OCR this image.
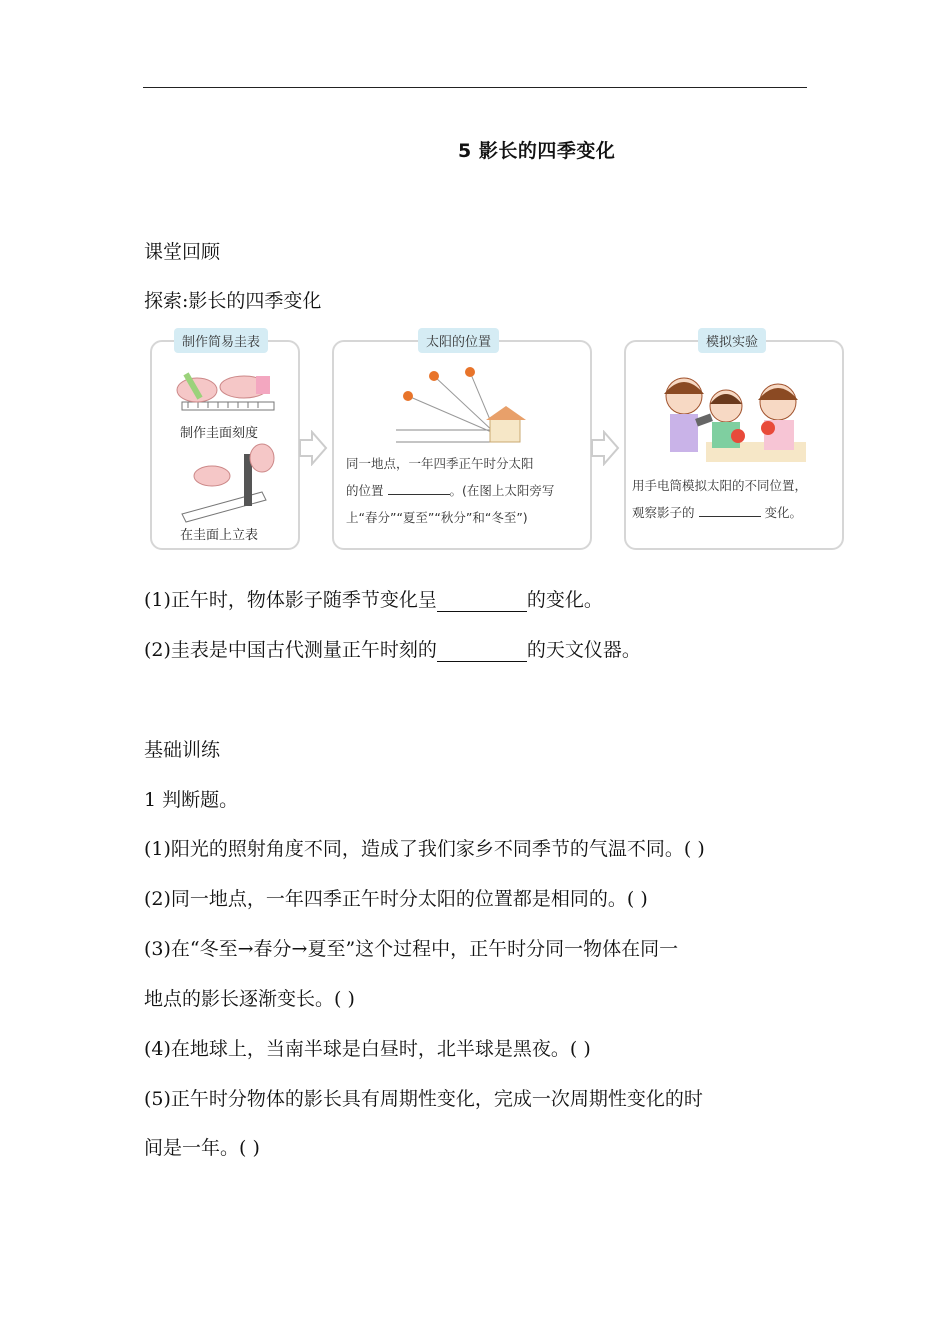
5 影长的四季变化
课堂回顾
探索:影长的四季变化
制作简易圭表
制作圭面刻度
在圭面上立表
太阳的位置
同一地点，一年四季正午时分太阳
的位置	。(在图上太阳旁写
上“春分”“夏至”“秋分”和“冬至”)
模拟实验
用手电筒模拟太阳的不同位置，
观察影子的	变化。
(1)正午时，物体影子随季节变化呈	的变化。
(2)圭表是中国古代测量正午时刻的	的天文仪器。
基础训练
1 判断题。
(1)阳光的照射角度不同，造成了我们家乡不同季节的气温不同。( )
(2)同一地点，一年四季正午时分太阳的位置都是相同的。( )
(3)在“冬至→春分→夏至”这个过程中，正午时分同一物体在同一
地点的影长逐渐变长。( )
(4)在地球上，当南半球是白昼时，北半球是黑夜。( )
(5)正午时分物体的影长具有周期性变化，完成一次周期性变化的时
间是一年。( )
